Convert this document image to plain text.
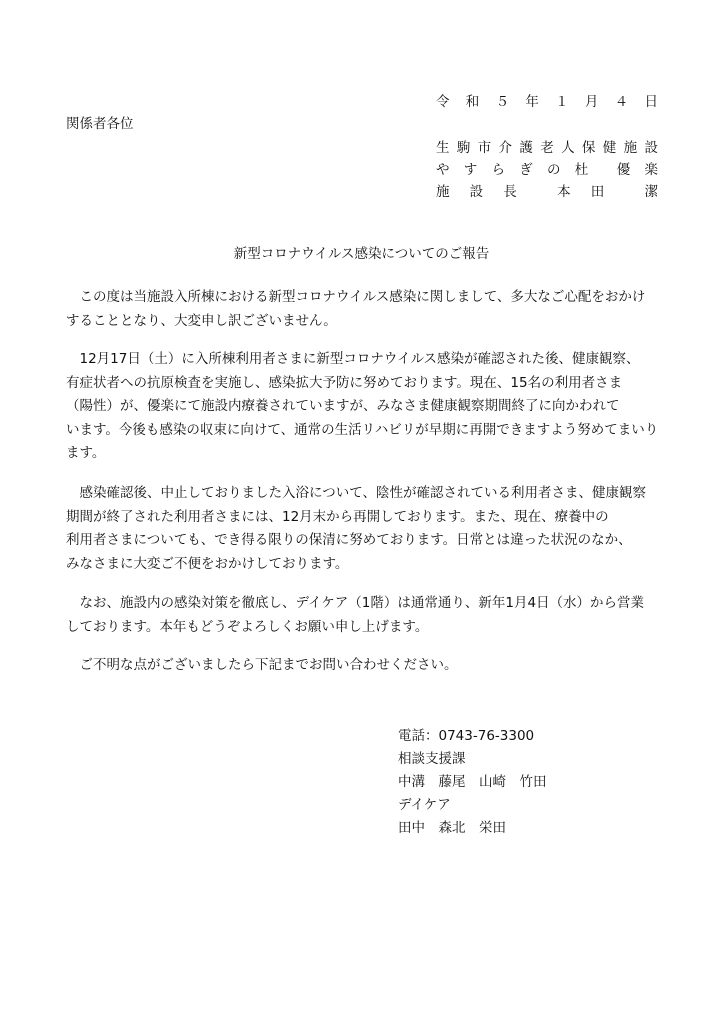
令 和 ５ 年 １ 月 ４ 日
関係者各位
生 駒 市 介 護 老 人 保 健 施 設
や す ら ぎ の 杜 優 楽
施 設 長	本 田	潔
新型コロナウイルス感染についてのご報告
　この度は当施設入所棟における新型コロナウイルス感染に関しまして、多大なご心配をおかけ
することとなり、大変申し訳ございません。
　12月17日（土）に入所棟利用者さまに新型コロナウイルス感染が確認された後、健康観察、
有症状者への抗原検査を実施し、感染拡大予防に努めております。現在、15名の利用者さま
（陽性）が、優楽にて施設内療養されていますが、みなさま健康観察期間終了に向かわれて
います。今後も感染の収束に向けて、通常の生活リハビリが早期に再開できますよう努めてまいり
ます。
　感染確認後、中止しておりました入浴について、陰性が確認されている利用者さま、健康観察
期間が終了された利用者さまには、12月末から再開しております。また、現在、療養中の
利用者さまについても、でき得る限りの保清に努めております。日常とは違った状況のなか、
みなさまに大変ご不便をおかけしております。
　なお、施設内の感染対策を徹底し、デイケア（1階）は通常通り、新年1月4日（水）から営業
しております。本年もどうぞよろしくお願い申し上げます。
　ご不明な点がございましたら下記までお問い合わせください。
電話：0743-76-3300
相談支援課
中溝　藤尾　山崎　竹田
デイケア
田中　森北　栄田
